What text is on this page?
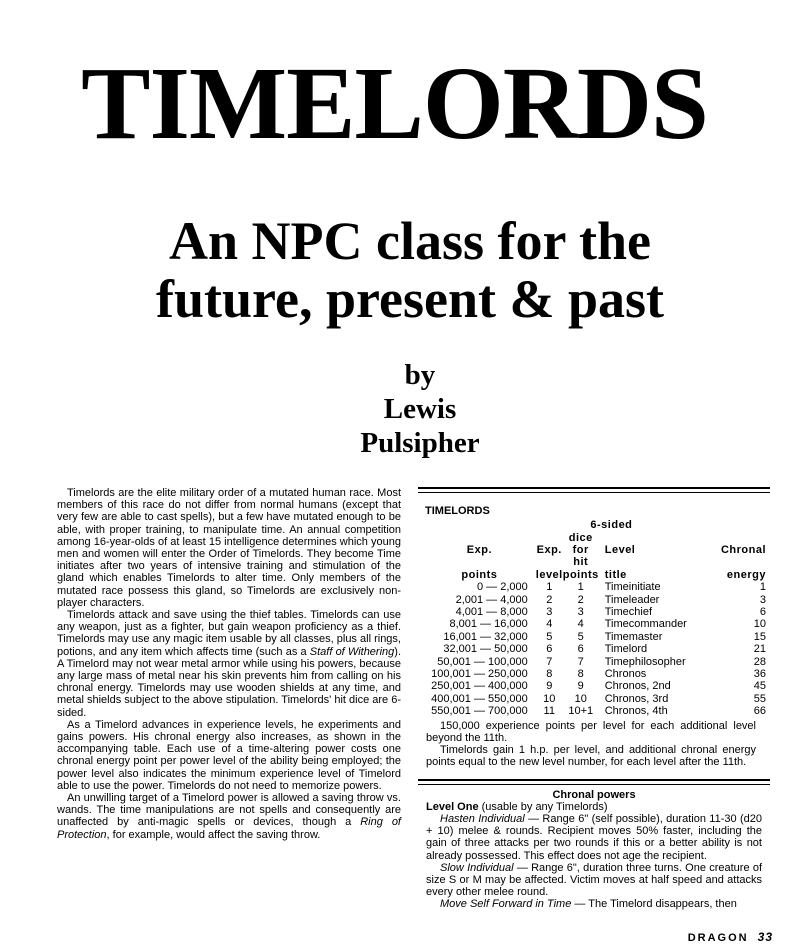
TIMELORDS
An NPC class for the
future, present & past
by
Lewis
Pulsipher

Timelords are the elite military order of a mutated human race. Most members of this race do not differ from normal humans (except that very few are able to cast spells), but a few have mutated enough to be able, with proper training, to manipulate time. An annual competition among 16-year-olds of at least 15 intelligence determines which young men and women will enter the Order of Timelords. They become Time initiates after two years of intensive training and stimulation of the gland which enables Timelords to alter time. Only members of the mutated race possess this gland, so Timelords are exclusively non-player characters.

Timelords attack and save using the thief tables. Timelords can use any weapon, just as a fighter, but gain weapon proficiency as a thief. Timelords may use any magic item usable by all classes, plus all rings, potions, and any item which affects time (such as a Staff of Withering). A Timelord may not wear metal armor while using his powers, because any large mass of metal near his skin prevents him from calling on his chronal energy. Timelords may use wooden shields at any time, and metal shields subject to the above stipulation. Timelords' hit dice are 6-sided.

As a Timelord advances in experience levels, he experiments and gains powers. His chronal energy also increases, as shown in the accompanying table. Each use of a time-altering power costs one chronal energy point per power level of the ability being employed; the power level also indicates the minimum experience level of Timelord able to use the power. Timelords do not need to memorize powers.

An unwilling target of a Timelord power is allowed a saving throw vs. wands. The time manipulations are not spells and consequently are unaffected by anti-magic spells or devices, though a Ring of Protection, for example, would affect the saving throw.

TIMELORDS
		6-sided		
Exp.	Exp.	dice for	Level	Chronal
points	level	hit points	title	energy
0 — 2,000	1	1	Timeinitiate	1
2,001 — 4,000	2	2	Timeleader	3
4,001 — 8,000	3	3	Timechief	6
8,001 — 16,000	4	4	Timecommander	10
16,001 — 32,000	5	5	Timemaster	15
32,001 — 50,000	6	6	Timelord	21
50,001 — 100,000	7	7	Timephilosopher	28
100,001 — 250,000	8	8	Chronos	36
250,001 — 400,000	9	9	Chronos, 2nd	45
400,001 — 550,000	10	10	Chronos, 3rd	55
550,001 — 700,000	11	10+1	Chronos, 4th	66

150,000 experience points per level for each additional level beyond the 11th.

Timelords gain 1 h.p. per level, and additional chronal energy points equal to the new level number, for each level after the 11th.

Chronal powers

Level One (usable by any Timelords)

Hasten Individual — Range 6" (self possible), duration 11-30 (d20 + 10) melee & rounds. Recipient moves 50% faster, including the gain of three attacks per two rounds if this or a better ability is not already possessed. This effect does not age the recipient.

Slow Individual — Range 6", duration three turns. One creature of size S or M may be affected. Victim moves at half speed and attacks every other melee round.

Move Self Forward in Time — The Timelord disappears, then

DRAGON 33
